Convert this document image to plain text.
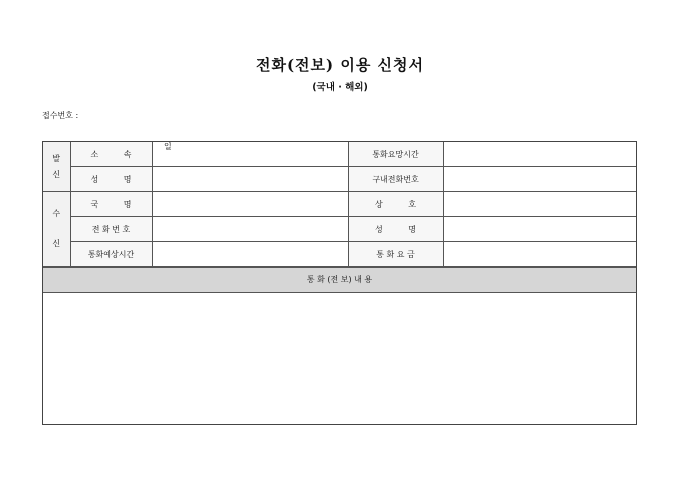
전화(전보) 이용 신청서
(국내 · 해외)
접수번호 :

일

발
신	소          속		통화요망시간	
	성          명		구내전화번호	

수
신	국          명		상          호	
	전 화 번 호		성          명	
	통화예상시간		통 화 요 금	
통 화 (전 보) 내 용
